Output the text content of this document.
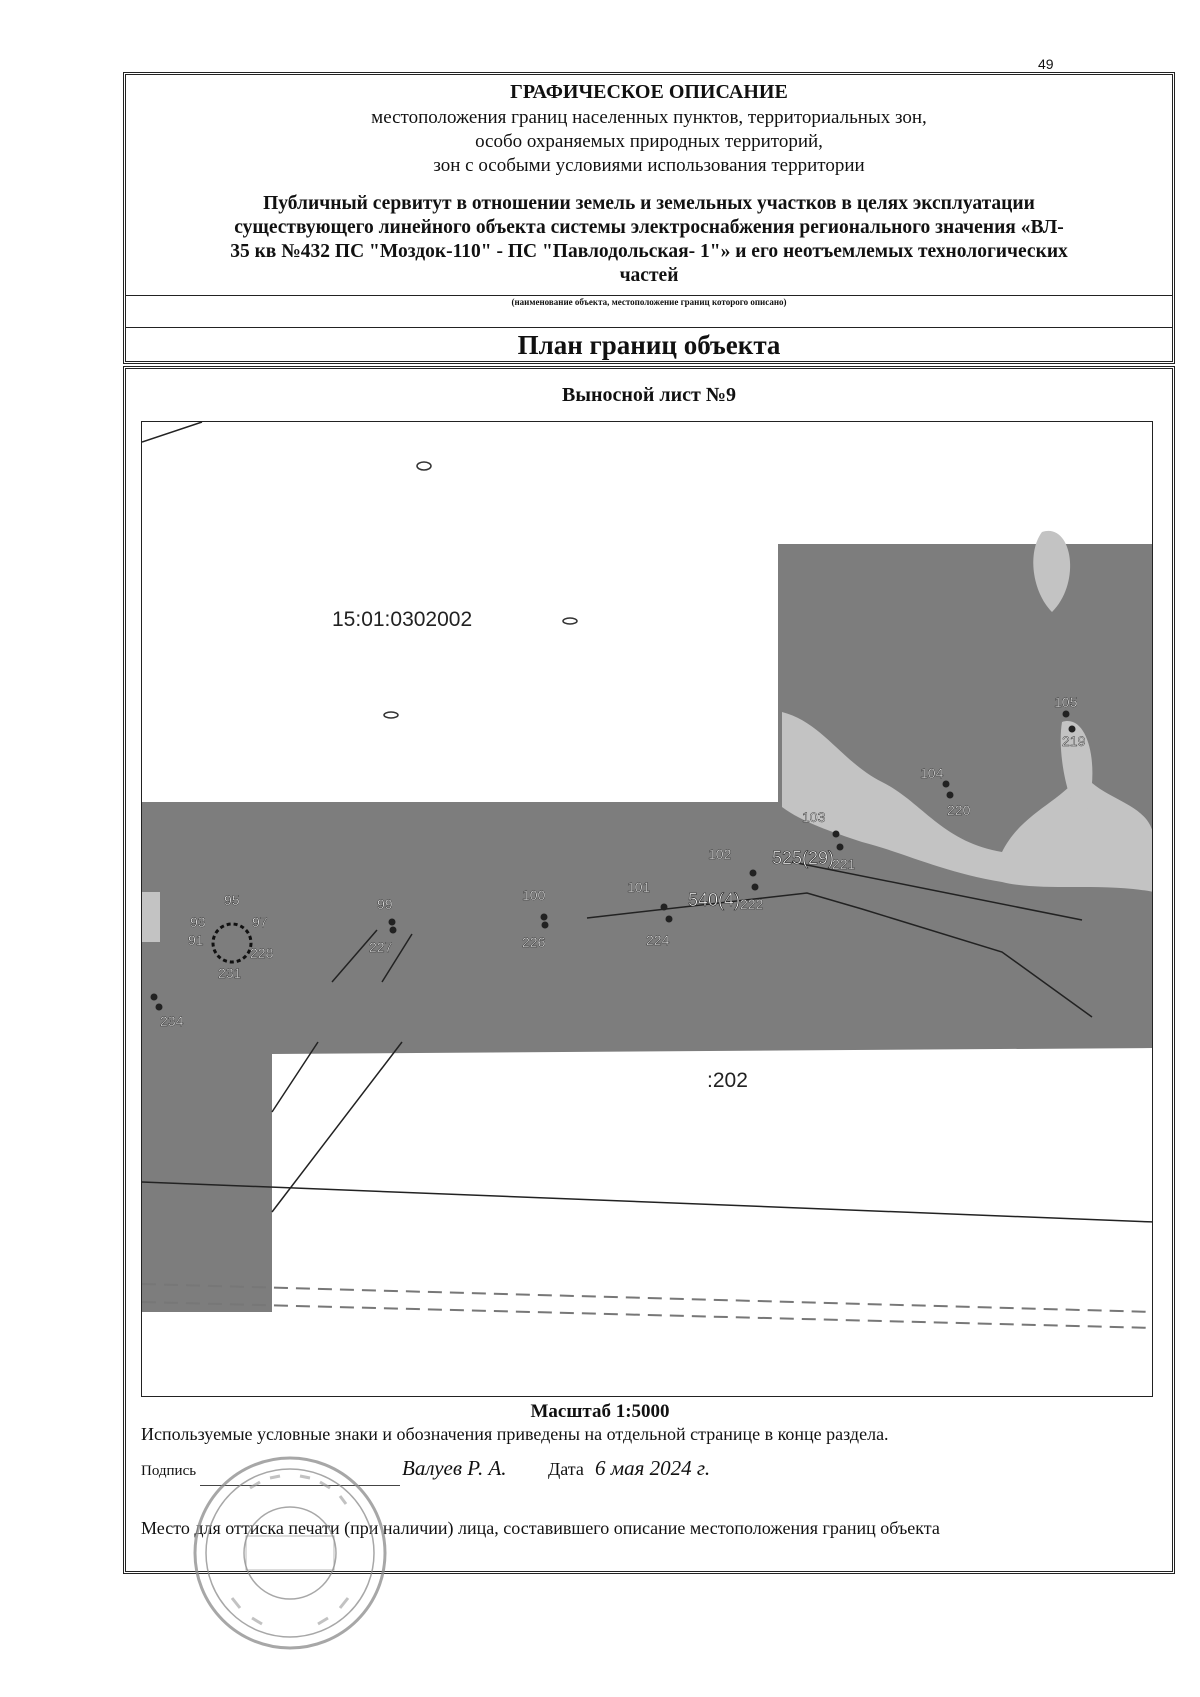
49
ГРАФИЧЕСКОЕ ОПИСАНИЕ
местоположения границ населенных пунктов, территориальных зон,
особо охраняемых природных территорий,
зон с особыми условиями использования территории
Публичный сервитут в отношении земель и земельных участков в целях эксплуатации
существующего линейного объекта системы электроснабжения регионального значения «ВЛ-
35 кв №432 ПС "Моздок-110" - ПС "Павлодольская- 1"» и его неотъемлемых технологических
частей
(наименование объекта, местоположение границ которого описано)
План границ объекта
Выносной лист №9
15:01:0302002
:202
525(29)
540(4)
105
219
104
220
103
221
102
222
101
224
100
226
99
227
95
93	97
91
228
231
234
Масштаб 1:5000
Используемые условные знаки и обозначения приведены на отдельной странице в конце раздела.
Подпись	Валуев Р. А. Дата 6 мая 2024 г.
Место для оттиска печати (при наличии) лица, составившего описание местоположения границ объекта
